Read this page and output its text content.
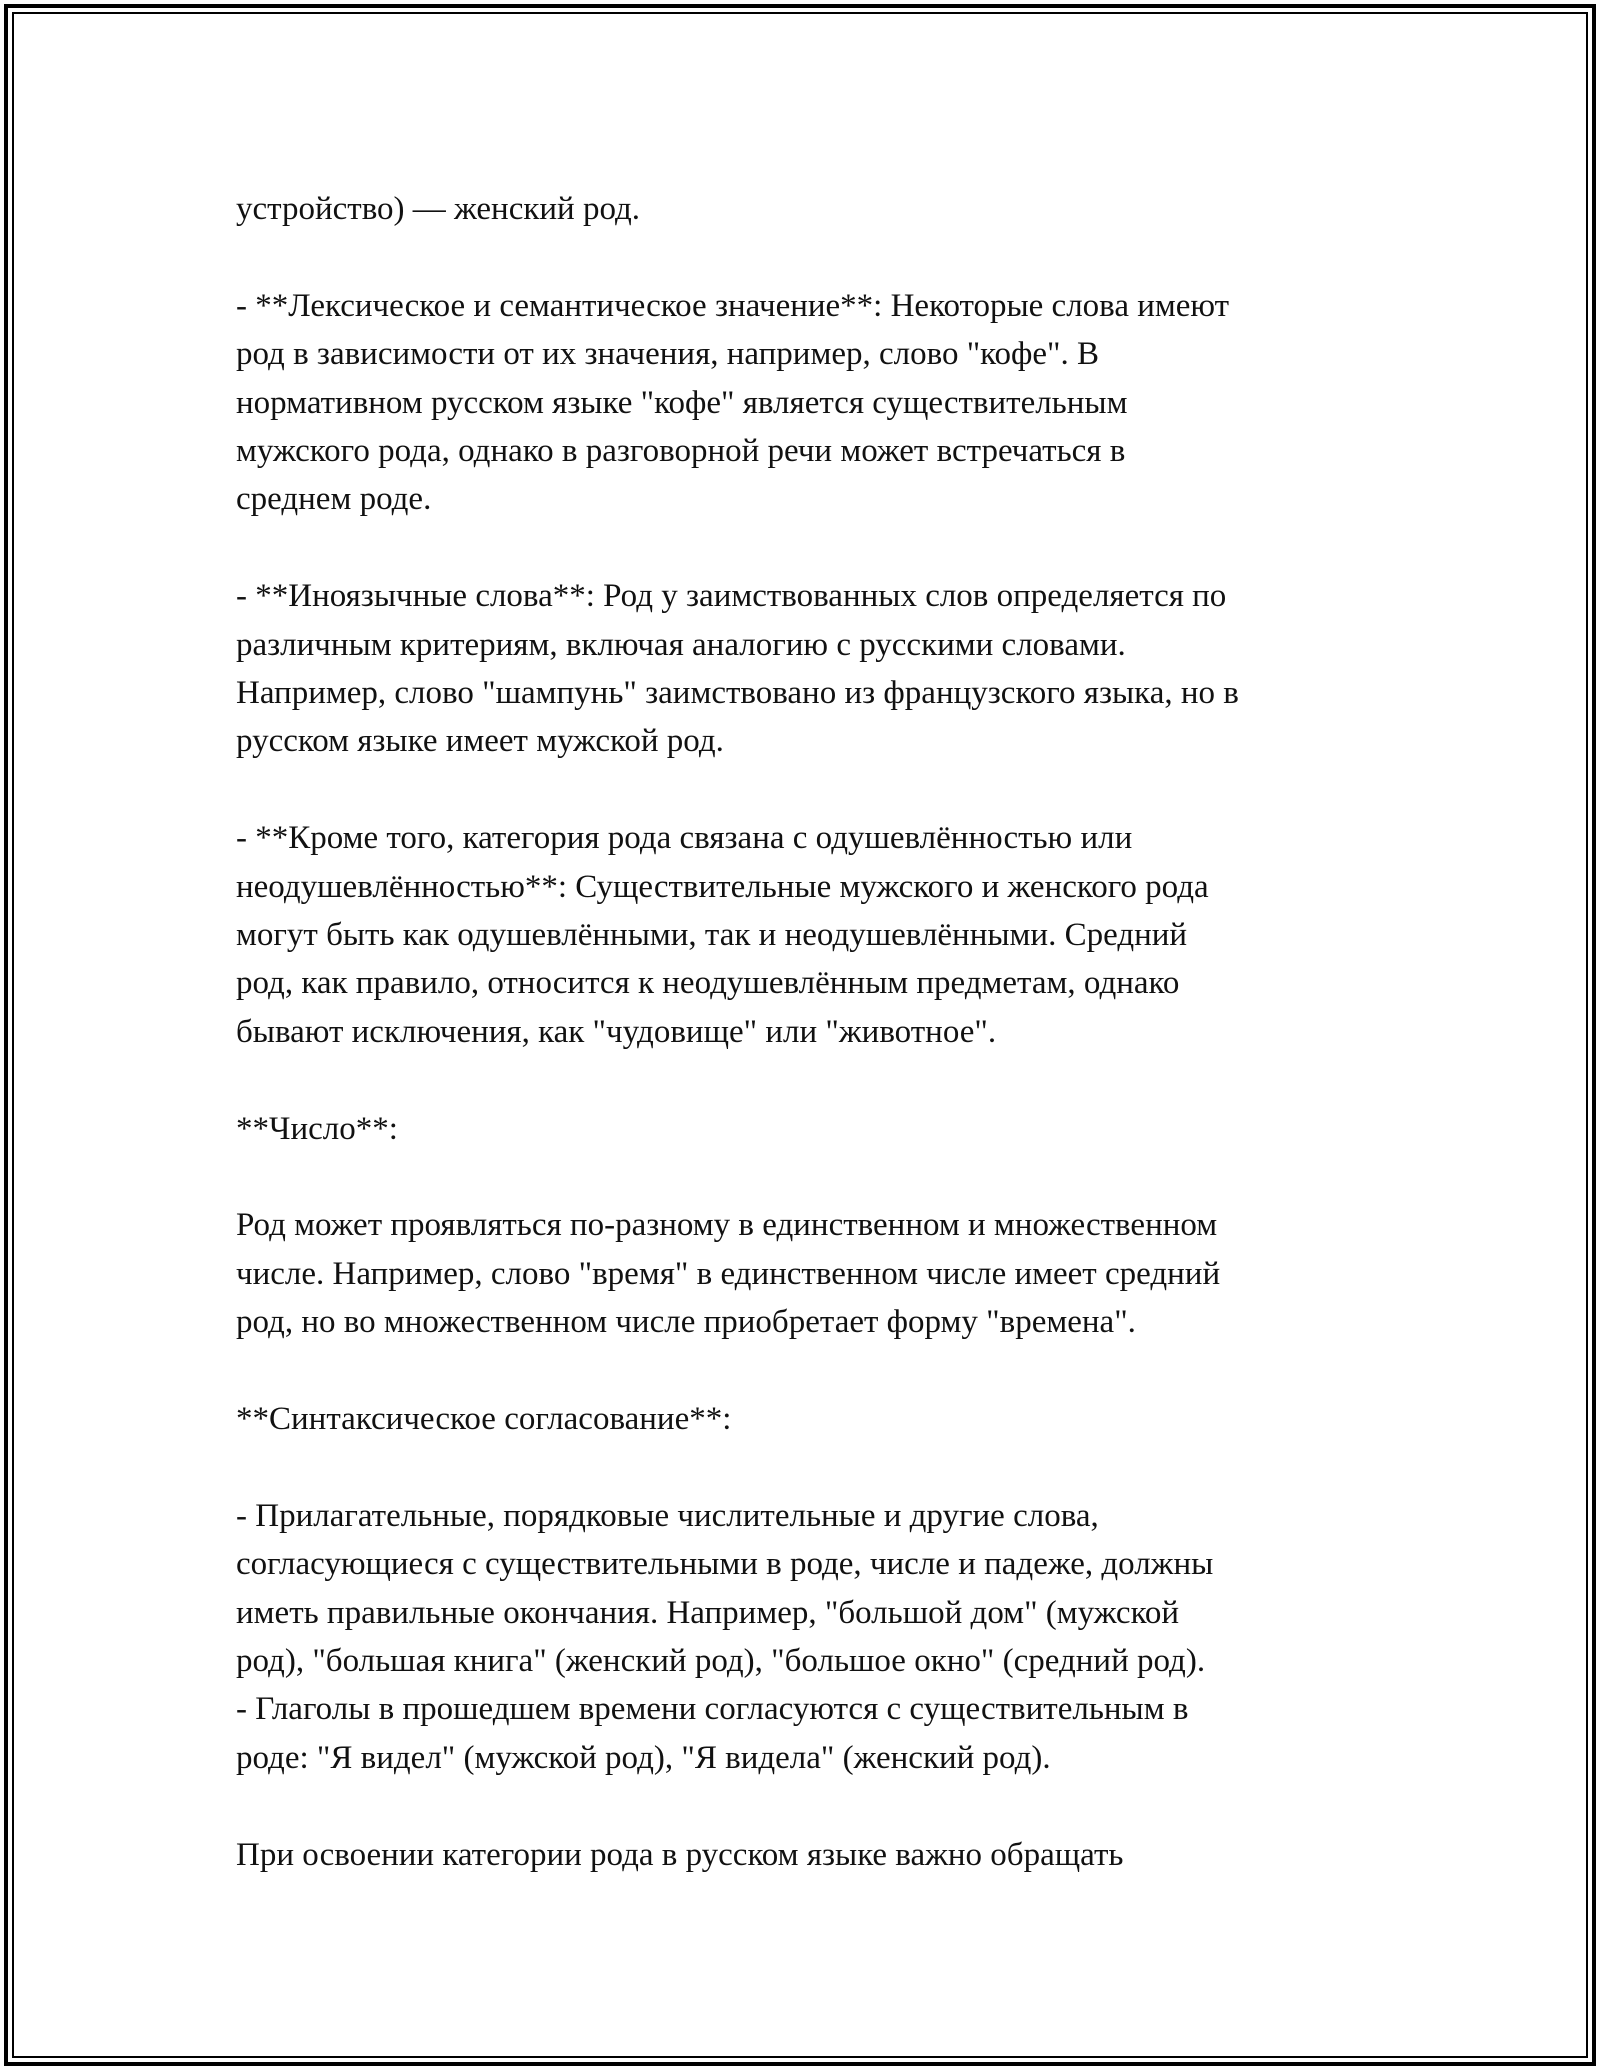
устройство) — женский род.

- **Лексическое и семантическое значение**: Некоторые слова имеют
род в зависимости от их значения, например, слово "кофе". В
нормативном русском языке "кофе" является существительным
мужского рода, однако в разговорной речи может встречаться в
среднем роде.

- **Иноязычные слова**: Род у заимствованных слов определяется по
различным критериям, включая аналогию с русскими словами.
Например, слово "шампунь" заимствовано из французского языка, но в
русском языке имеет мужской род.

- **Кроме того, категория рода связана с одушевлённостью или
неодушевлённостью**: Существительные мужского и женского рода
могут быть как одушевлёнными, так и неодушевлёнными. Средний
род, как правило, относится к неодушевлённым предметам, однако
бывают исключения, как "чудовище" или "животное".

**Число**:

Род может проявляться по-разному в единственном и множественном
числе. Например, слово "время" в единственном числе имеет средний
род, но во множественном числе приобретает форму "времена".

**Синтаксическое согласование**:

- Прилагательные, порядковые числительные и другие слова,
согласующиеся с существительными в роде, числе и падеже, должны
иметь правильные окончания. Например, "большой дом" (мужской
род), "большая книга" (женский род), "большое окно" (средний род).
- Глаголы в прошедшем времени согласуются с существительным в
роде: "Я видел" (мужской род), "Я видела" (женский род).

При освоении категории рода в русском языке важно обращать
